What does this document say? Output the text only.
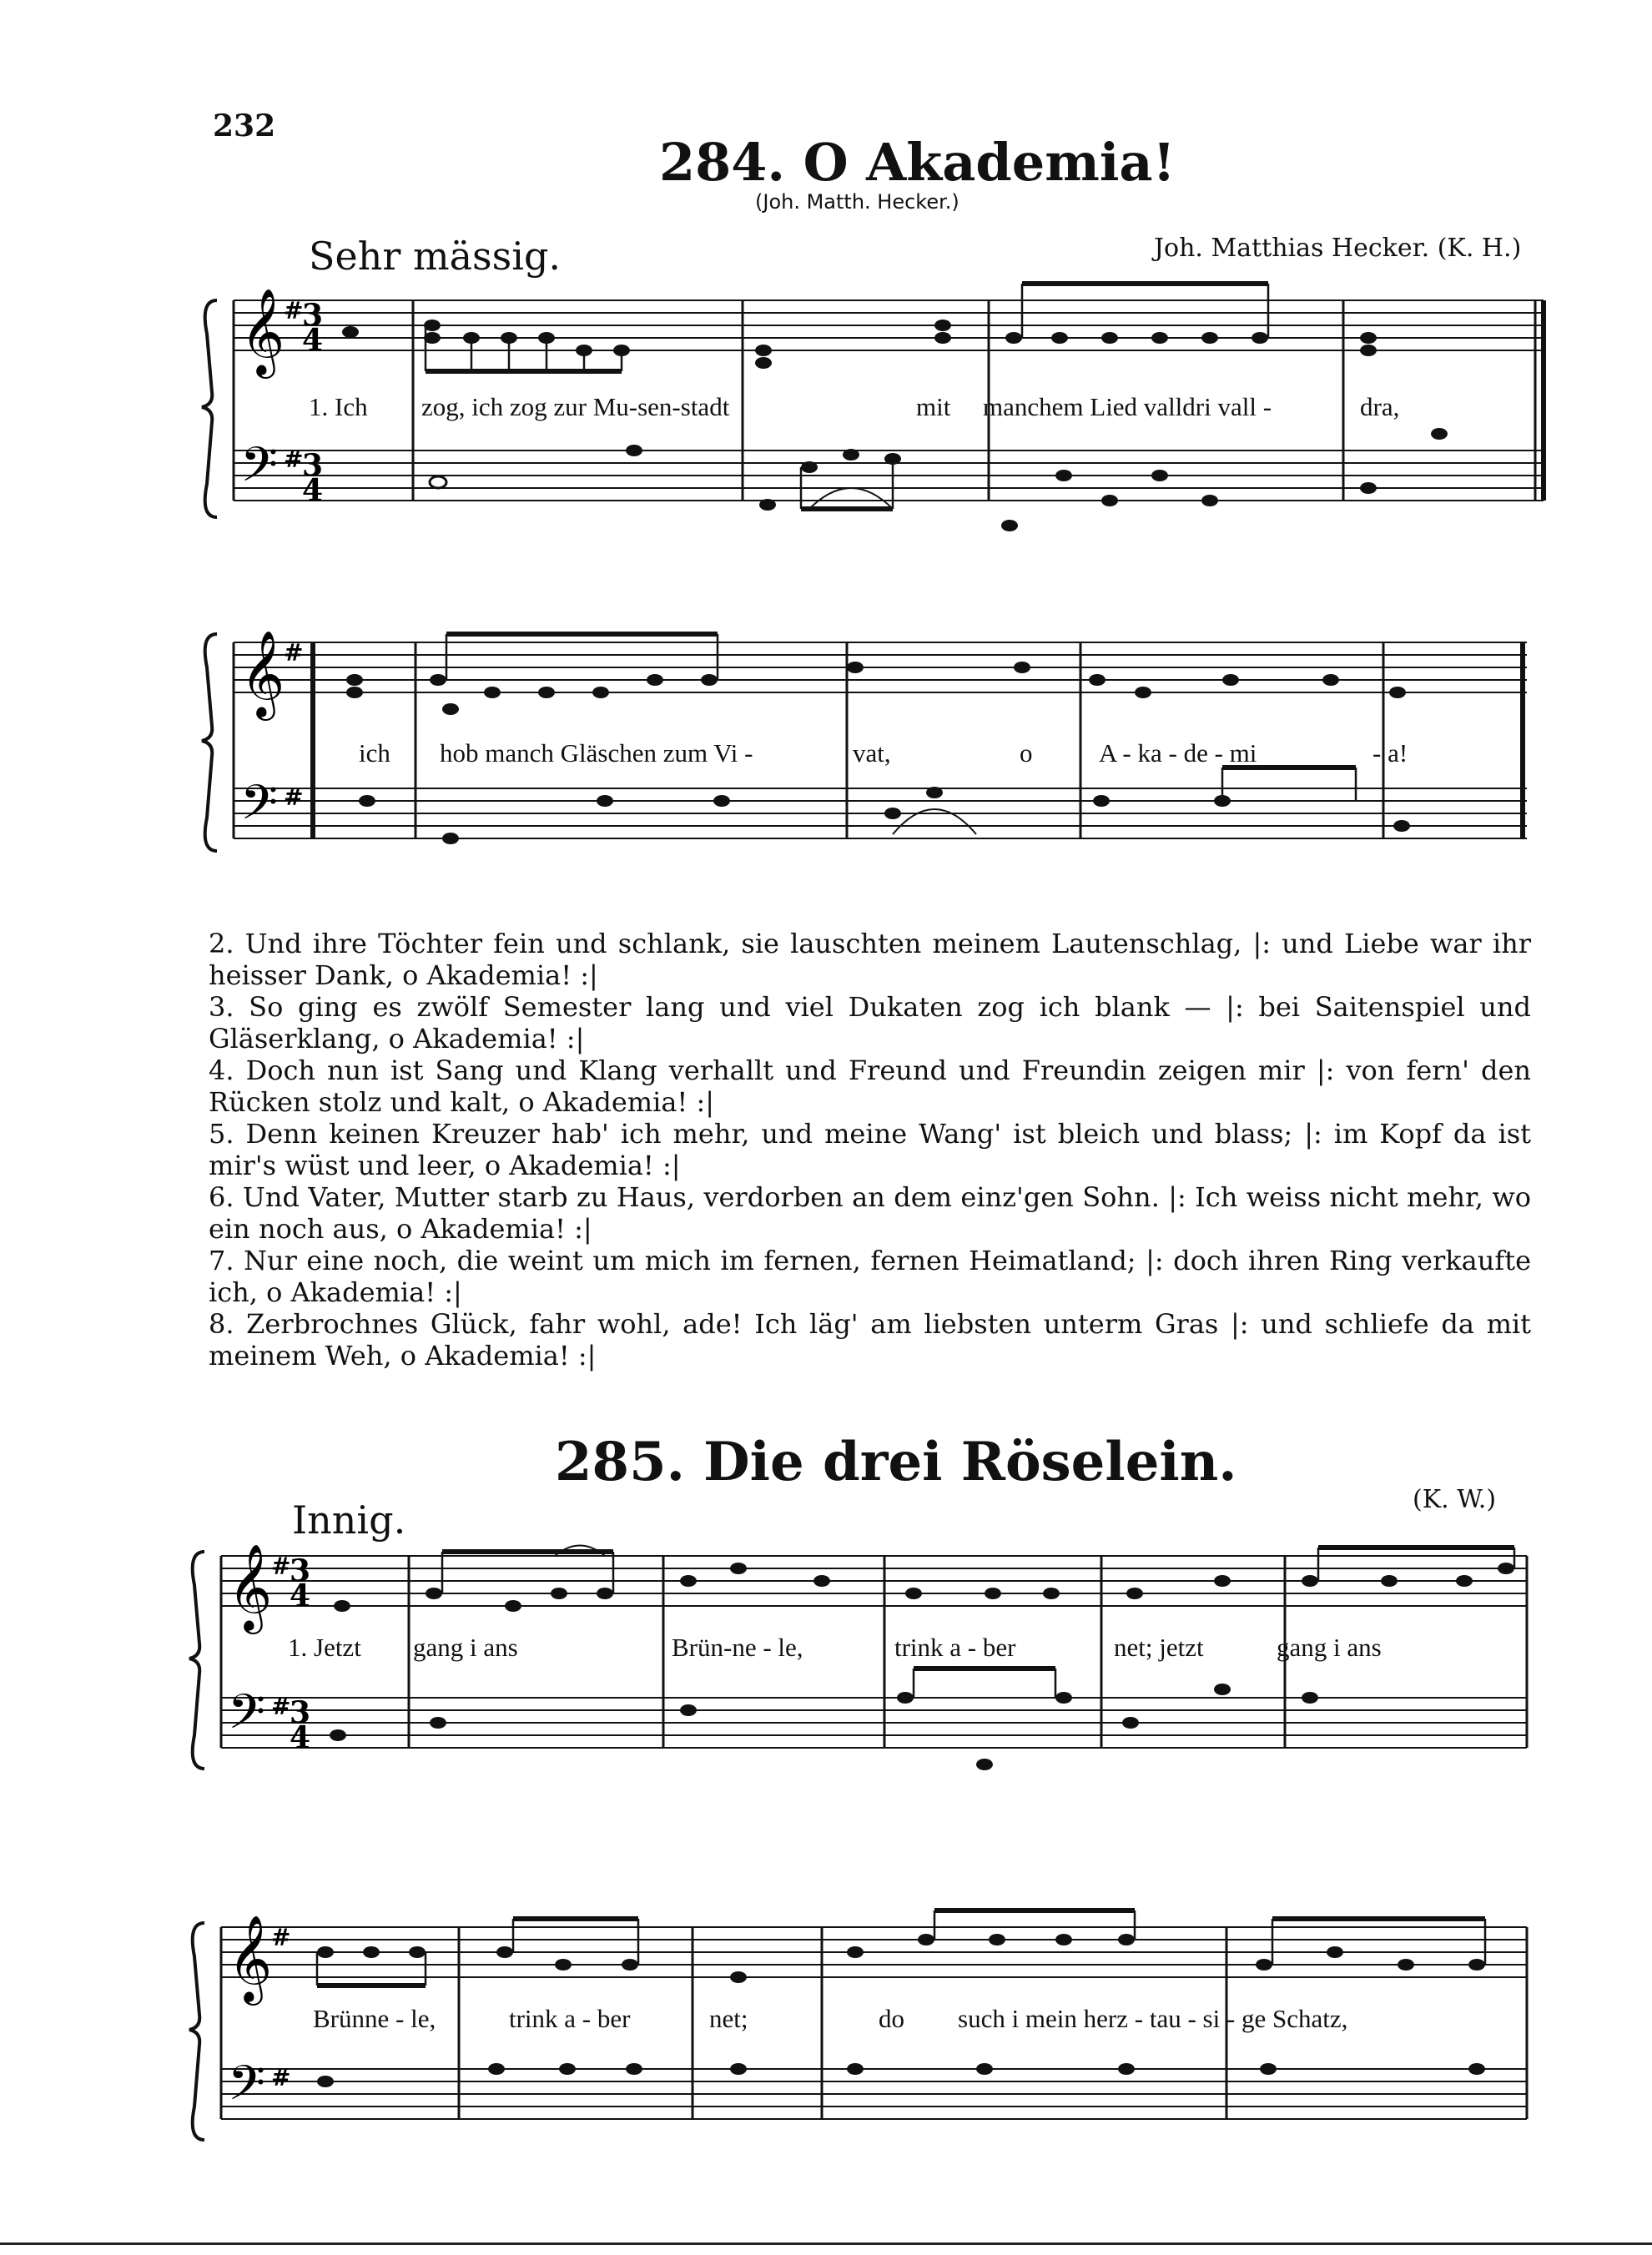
232
284. O Akademia!
(Joh. Matth. Hecker.)
Sehr mässig.	Joh. Matthias Hecker. (K. H.)
𝄞
𝄢
#
#
3
4
3
4
1. Ich zog, ich zog zur Mu-sen-stadt	mit manchem Lied valldri vall -	dra,
𝄞
𝄢
#
#
ich hob manch Gläschen zum Vi -	vat,	o	A - ka - de - mi	- a!
2. Und ihre Töchter fein und schlank, sie lauschten meinem Lautenschlag, |: und Liebe war ihr heisser Dank, o Akademia! :|
3. So ging es zwölf Semester lang und viel Dukaten zog ich blank — |: bei Saitenspiel und Gläserklang, o Akademia! :|
4. Doch nun ist Sang und Klang verhallt und Freund und Freundin zeigen mir |: von fern' den Rücken stolz und kalt, o Akademia! :|
5. Denn keinen Kreuzer hab' ich mehr, und meine Wang' ist bleich und blass; |: im Kopf da ist mir's wüst und leer, o Akademia! :|
6. Und Vater, Mutter starb zu Haus, verdorben an dem einz'gen Sohn. |: Ich weiss nicht mehr, wo ein noch aus, o Akademia! :|
7. Nur eine noch, die weint um mich im fernen, fernen Heimatland; |: doch ihren Ring verkaufte ich, o Akademia! :|
8. Zerbrochnes Glück, fahr wohl, ade! Ich läg' am liebsten unterm Gras |: und schliefe da mit meinem Weh, o Akademia! :|
285. Die drei Röselein.
Innig.	(K. W.)
𝄞
𝄢
#
#
3
4
3
4
1. Jetzt gang i ans	Brün-ne - le,	trink a - ber	net; jetzt	gang i ans
𝄞
𝄢
#
#
Brünne - le,	trink a - ber	net;	do such i mein herz - tau - si - ge Schatz,
